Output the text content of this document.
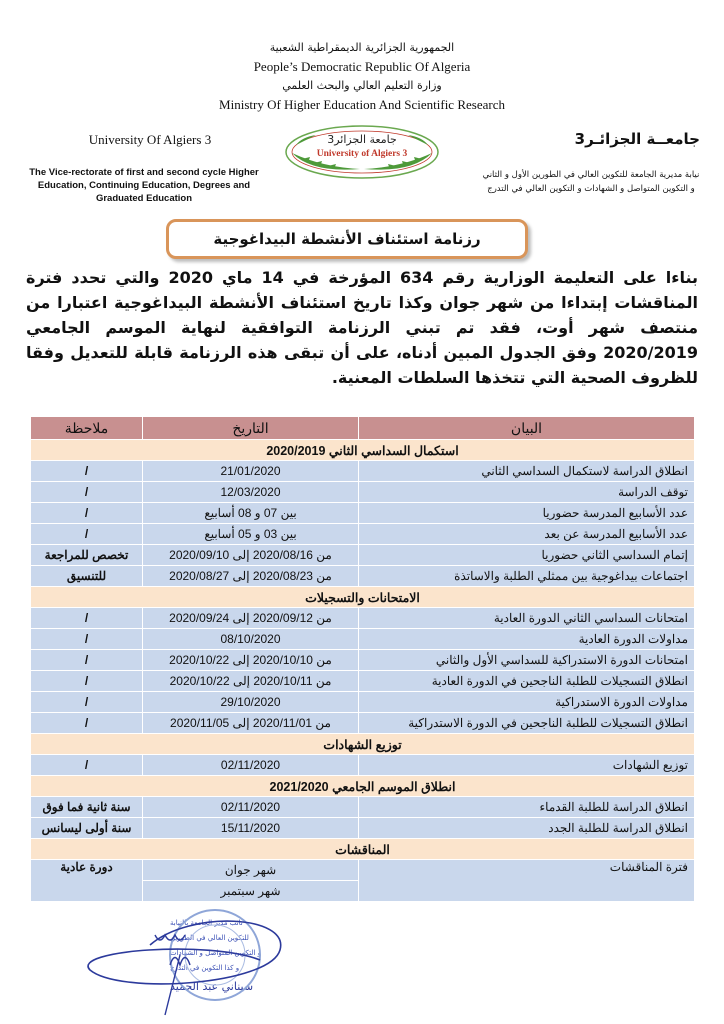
الجمهورية الجزائرية الديمقراطية الشعبية
People’s Democratic Republic Of Algeria
وزارة التعليم العالي والبحث العلمي
Ministry Of Higher Education And Scientific Research
University Of Algiers 3
The Vice-rectorate of first and second cycle Higher Education, Continuing Education, Degrees and Graduated Education
جامعــة الجزائـر3
نيابة مديرية الجامعة للتكوين العالي في الطورين الأول و الثاني و التكوين المتواصل و الشهادات و التكوين العالي في التدرج
جامعة الجزائر3
University of Algiers 3
رزنامة استئناف الأنشطة البيداغوجية
بناءا على التعليمة الوزارية رقم 634 المؤرخة في 14 ماي 2020 والتي تحدد فترة المناقشات إبتداءا من شهر جوان وكذا تاريخ استئناف الأنشطة البيداغوجية اعتبارا من منتصف شهر أوت، فقد تم تبني الرزنامة التوافقية لنهاية الموسم الجامعي 2020/2019 وفق الجدول المبين أدناه، على أن تبقى هذه الرزنامة قابلة للتعديل وفقا للظروف الصحية التي تتخذها السلطات المعنية.
البيان	التاريخ	ملاحظة
استكمال السداسي الثاني 2020/2019		
انطلاق الدراسة لاستكمال السداسي الثاني	21/01/2020	/
توقف الدراسة	12/03/2020	/
عدد الأسابيع المدرسة حضوريا	بين 07 و 08 أسابيع	/
عدد الأسابيع المدرسة عن بعد	بين 03 و 05 أسابيع	/
إتمام السداسي الثاني حضوريا	من 2020/08/16 إلى 2020/09/10	تخصص للمراجعة
اجتماعات بيداغوجية بين ممثلي الطلبة والاساتذة	من 2020/08/23 إلى 2020/08/27	للتنسيق
الامتحانات والتسجيلات		
امتحانات السداسي الثاني الدورة العادية	من 2020/09/12 إلى 2020/09/24	/
مداولات الدورة العادية	08/10/2020	/
امتحانات الدورة الاستدراكية للسداسي الأول والثاني	من 2020/10/10 إلى 2020/10/22	/
انطلاق التسجيلات للطلبة الناجحين في الدورة العادية	من 2020/10/11 إلى 2020/10/22	/
مداولات الدورة الاستدراكية	29/10/2020	/
انطلاق التسجيلات للطلبة الناجحين في الدورة الاستدراكية	من 2020/11/01 إلى 2020/11/05	/
توزيع الشهادات		
توزيع الشهادات	02/11/2020	/
انطلاق الموسم الجامعي 2021/2020		
انطلاق الدراسة للطلبة القدماء	02/11/2020	سنة ثانية فما فوق
انطلاق الدراسة للطلبة الجدد	15/11/2020	سنة أولى ليسانس
المناقشات		
فترة المناقشات	شهر جوان	دورة عادية
	شهر سبتمبر	
نائب مدير الجامعة بالنيابة
للتكوين العالي في الطورين
و التكوين المتواصل و الشهادات
و كذا التكوين في التدرج
سيناني عبد الحميد
